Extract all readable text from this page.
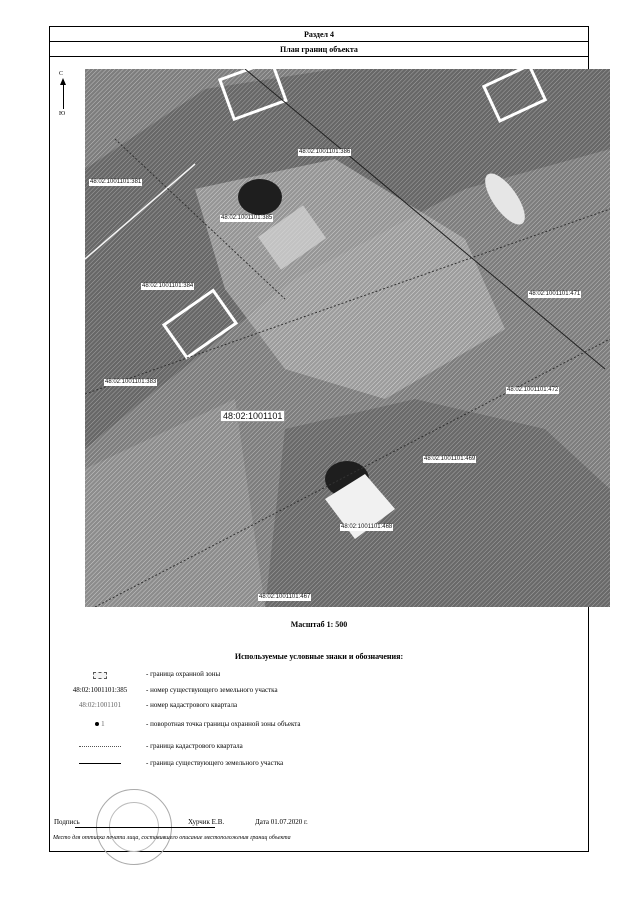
Раздел 4
План границ объекта
С
Ю
48:02:1001101:386
48:02:1001101:381
48:02:1001101:385
48:02:1001101:384
48:02:1001101:471
48:02:1001101:383
48:02:1001101:472
48:02:1001101
48:02:1001101:469
48:02:1001101:468
48:02:1001101:467
Масштаб 1: 500
Используемые условные знаки и обозначения:
- граница охранной зоны
48:02:1001101:385	- номер существующего земельного участка
48:02:1001101	- номер кадастрового квартала
1	- поворотная точка границы охранной зоны объекта
- граница кадастрового квартала
- граница существующего земельного участка
Подпись	Хурчик Е.В.	Дата 01.07.2020 г.
Место для оттиска печати лица, составившего описание местоположения границ объекта
